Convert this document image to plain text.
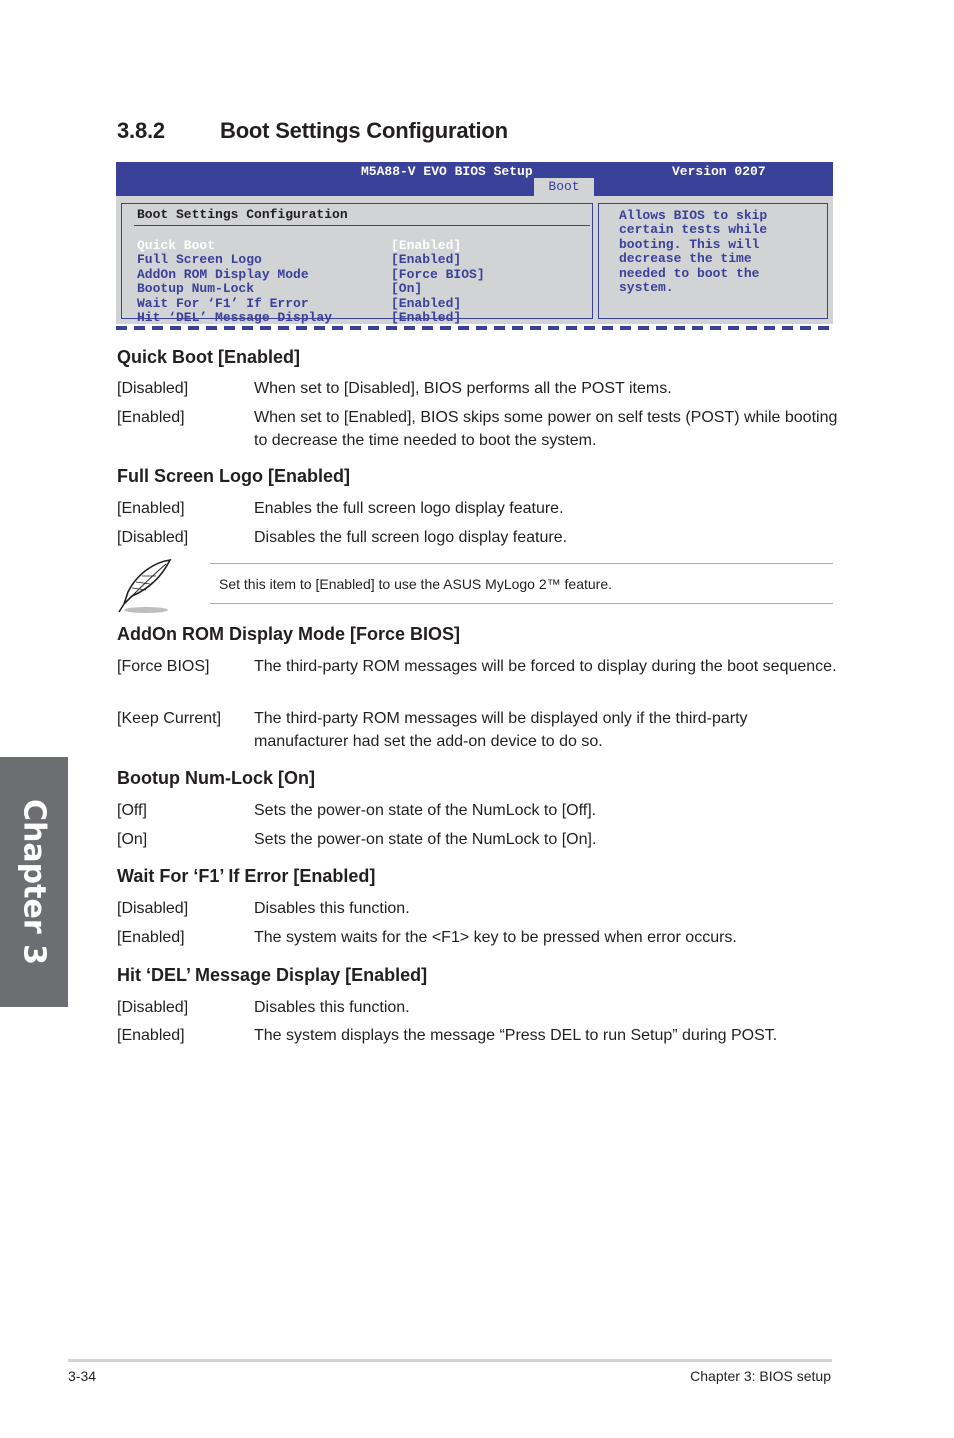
Chapter 3
3.8.2	Boot Settings Configuration
M5A88-V EVO BIOS Setup	Version 0207
Boot
Boot Settings Configuration
Quick Boot	[Enabled]
Full Screen Logo	[Enabled]
AddOn ROM Display Mode	[Force BIOS]
Bootup Num-Lock	[On]
Wait For ‘F1’ If Error	[Enabled]
Hit ‘DEL’ Message Display	[Enabled]
Allows BIOS to skip
certain tests while
booting. This will
decrease the time
needed to boot the
system.
Quick Boot [Enabled]
[Disabled]	When set to [Disabled], BIOS performs all the POST items.
[Enabled]	When set to [Enabled], BIOS skips some power on self tests (POST) while booting to decrease the time needed to boot the system.
Full Screen Logo [Enabled]
[Enabled]	Enables the full screen logo display feature.
[Disabled]	Disables the full screen logo display feature.
AddOn ROM Display Mode [Force BIOS]
[Force BIOS]	The third-party ROM messages will be forced to display during the boot sequence.
[Keep Current] The third-party ROM messages will be displayed only if the third-party manufacturer had set the add-on device to do so.
Bootup Num-Lock [On]
[Off]	Sets the power-on state of the NumLock to [Off].
[On]	Sets the power-on state of the NumLock to [On].
Wait For ‘F1’ If Error [Enabled]
[Disabled]	Disables this function.
[Enabled]	The system waits for the <F1> key to be pressed when error occurs.
Hit ‘DEL’ Message Display [Enabled]
[Disabled]	Disables this function.
[Enabled]	The system displays the message “Press DEL to run Setup” during POST.
Set this item to [Enabled] to use the ASUS MyLogo 2™ feature.
3-34	Chapter 3: BIOS setup
